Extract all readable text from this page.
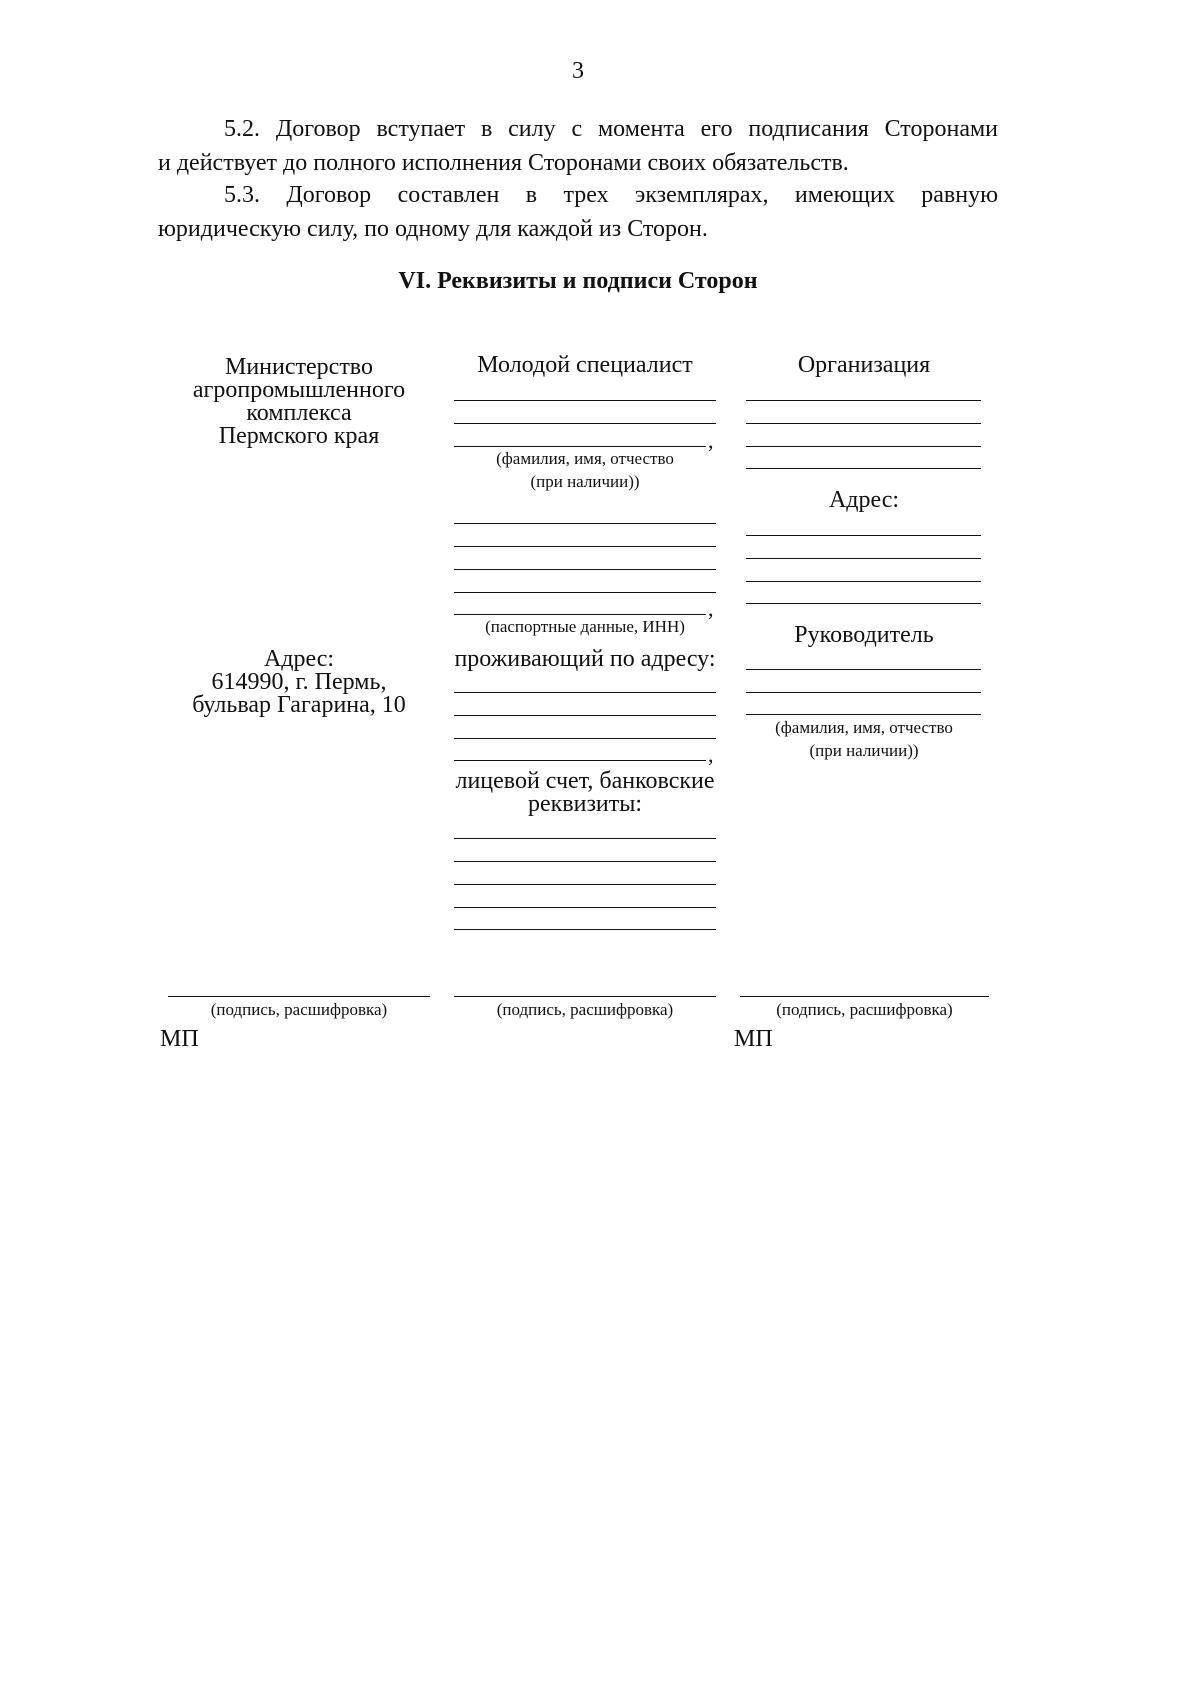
3

5.2. Договор вступает в силу с момента его подписания Сторонами

и действует до полного исполнения Сторонами своих обязательств.

5.3. Договор составлен в трех экземплярах, имеющих равную

юридическую силу, по одному для каждой из Сторон.

VI. Реквизиты и подписи Сторон
Министерство
агропромышленного
комплекса
Пермского края
Адрес:
614990, г. Пермь,
бульвар Гагарина, 10
(подпись, расшифровка)
МП
Молодой специалист
,
(фамилия, имя, отчество
(при наличии))
,
(паспортные данные, ИНН)
проживающий по адресу:
,
лицевой счет, банковские
реквизиты:
(подпись, расшифровка)
Организация
Адрес:
Руководитель
(фамилия, имя, отчество
(при наличии))
(подпись, расшифровка)
МП
